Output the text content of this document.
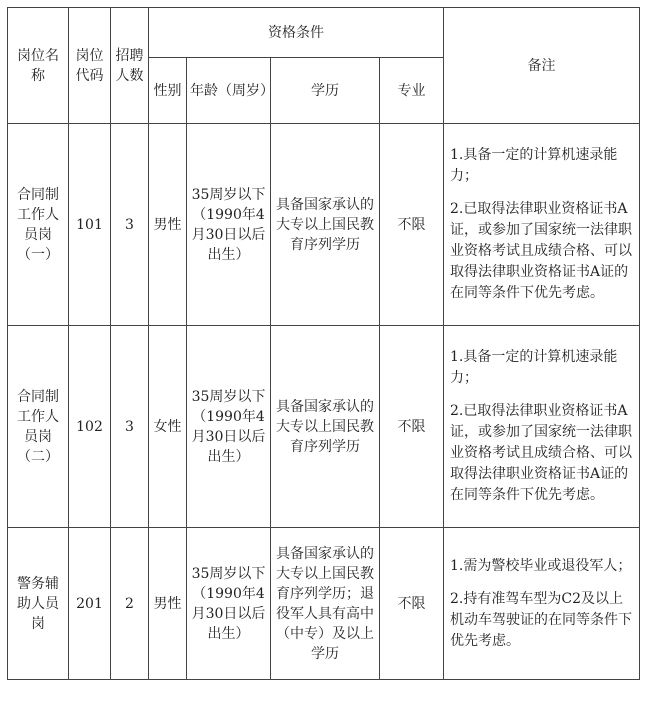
岗位名称	岗位代码	招聘人数	资格条件				备注
			性别	年龄（周岁）	学历	专业	
合同制工作人员岗（一）	101	3	男性	35周岁以下（1990年4月30日以后出生）	具备国家承认的大专以上国民教育序列学历	不限	1.具备一定的计算机速录能力；

2.已取得法律职业资格证书A证，或参加了国家统一法律职业资格考试且成绩合格、可以取得法律职业资格证书A证的在同等条件下优先考虑。

合同制工作人员岗（二）	102	3	女性	35周岁以下（1990年4月30日以后出生）	具备国家承认的大专以上国民教育序列学历	不限	1.具备一定的计算机速录能力；

2.已取得法律职业资格证书A证，或参加了国家统一法律职业资格考试且成绩合格、可以取得法律职业资格证书A证的在同等条件下优先考虑。

警务辅助人员岗	201	2	男性	35周岁以下（1990年4月30日以后出生）	具备国家承认的大专以上国民教育序列学历；退役军人具有高中（中专）及以上学历	不限	1.需为警校毕业或退役军人；

2.持有准驾车型为C2及以上机动车驾驶证的在同等条件下优先考虑。
